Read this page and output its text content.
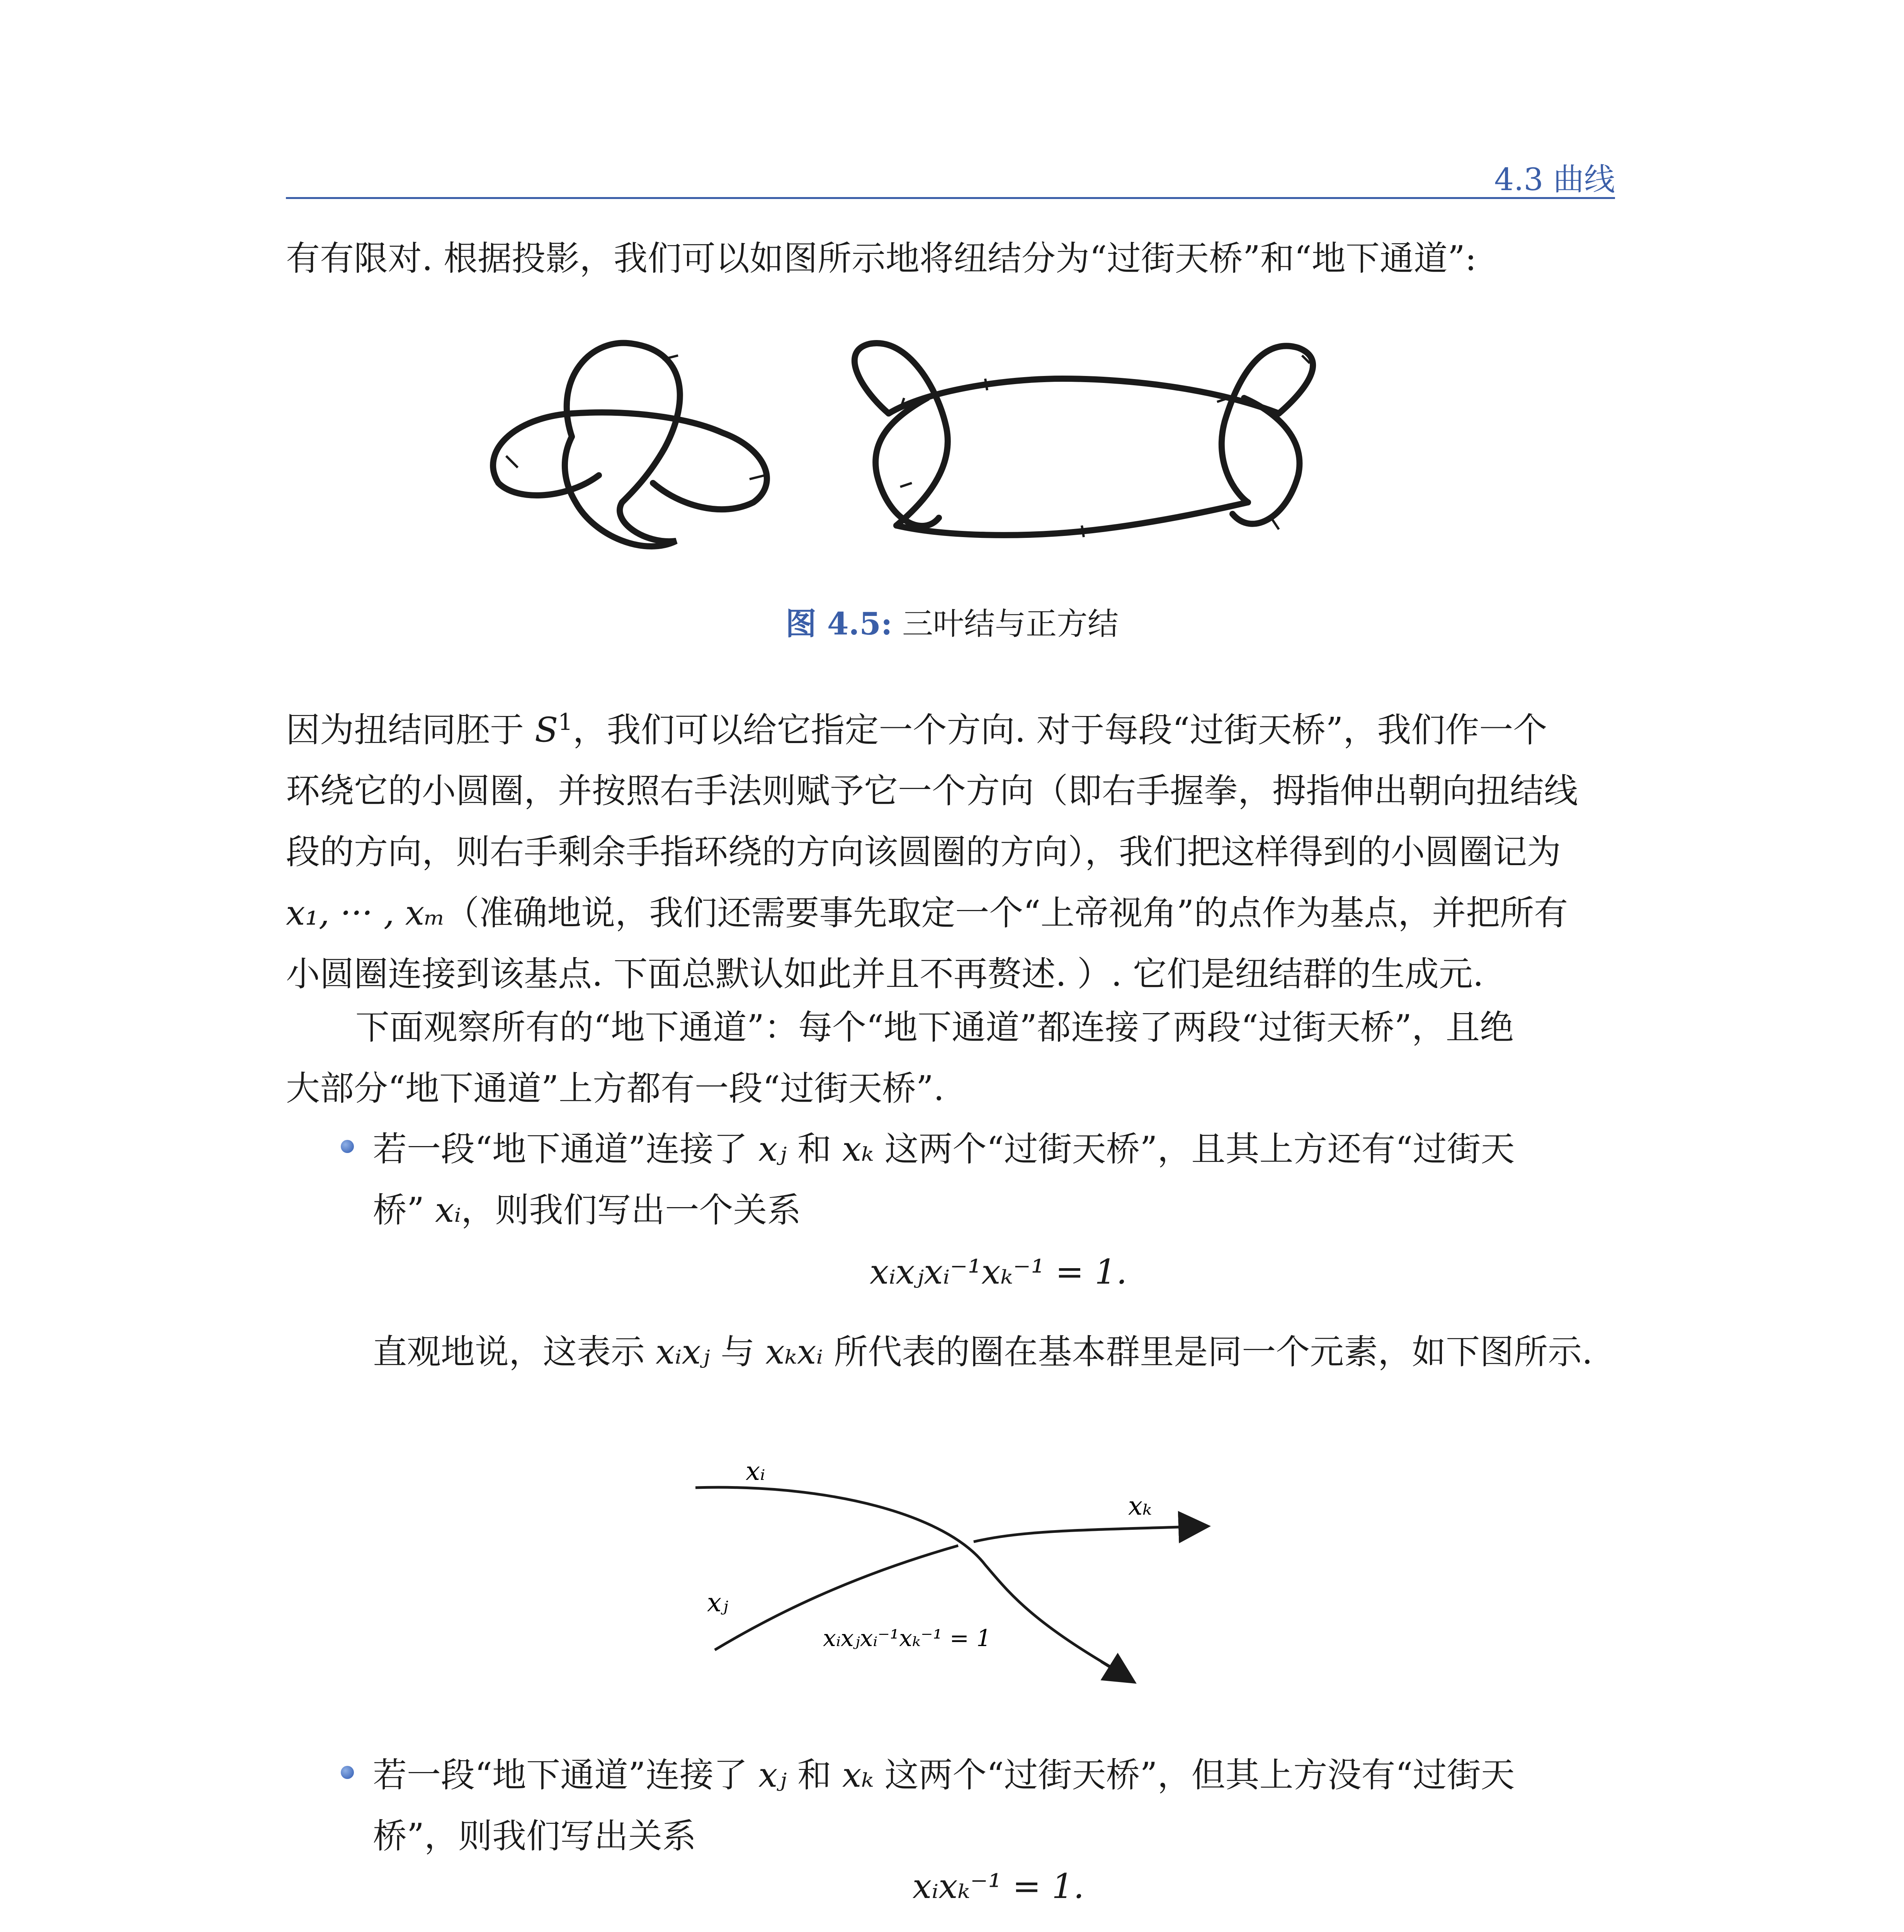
4.3 曲线
有有限对. 根据投影，我们可以如图所示地将纽结分为“过街天桥”和“地下通道”:
图 4.5: 三叶结与正方结
因为扭结同胚于 $S^1$，我们可以给它指定一个方向. 对于每段“过街天桥”，我们作一个
环绕它的小圆圈，并按照右手法则赋予它一个方向（即右手握拳，拇指伸出朝向扭结线
段的方向，则右手剩余手指环绕的方向该圆圈的方向），我们把这样得到的小圆圈记为
x₁, ··· , xₘ（准确地说，我们还需要事先取定一个“上帝视角”的点作为基点，并把所有
小圆圈连接到该基点. 下面总默认如此并且不再赘述. ）. 它们是纽结群的生成元.
下面观察所有的“地下通道”：每个“地下通道”都连接了两段“过街天桥”，且绝
大部分“地下通道”上方都有一段“过街天桥”.
若一段“地下通道”连接了 xⱼ 和 xₖ 这两个“过街天桥”，且其上方还有“过街天
桥” xᵢ，则我们写出一个关系
xᵢxⱼxᵢ⁻¹xₖ⁻¹ = 1.
直观地说，这表示 xᵢxⱼ 与 xₖxᵢ 所代表的圈在基本群里是同一个元素，如下图所示.
xᵢ
xⱼ
xₖ
xᵢxⱼxᵢ⁻¹xₖ⁻¹ = 1
若一段“地下通道”连接了 xⱼ 和 xₖ 这两个“过街天桥”，但其上方没有“过街天
桥”，则我们写出关系
xᵢxₖ⁻¹ = 1.
